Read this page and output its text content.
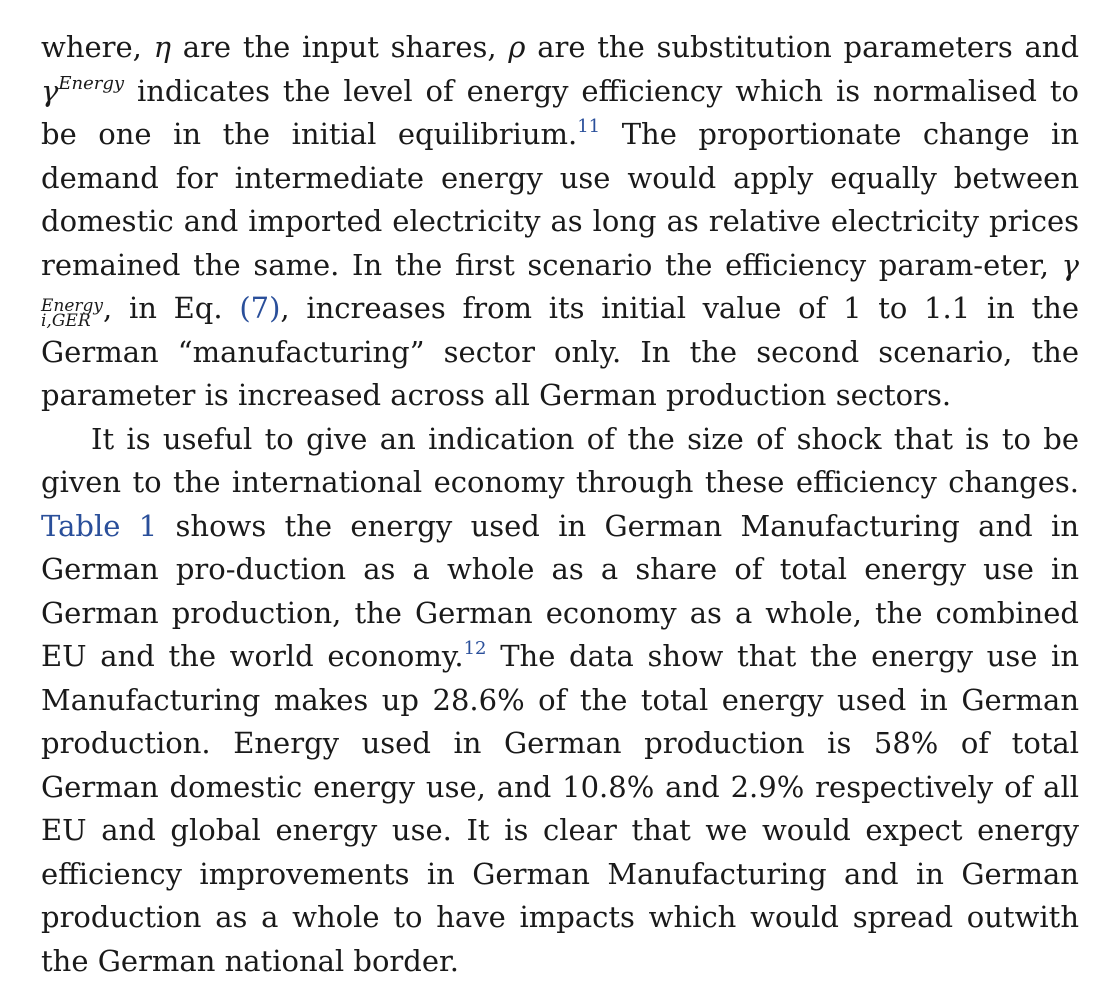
where, η are the input shares, ρ are the substitution parameters and $\gamma^{Energy}$ indicates the level of energy efficiency which is normalised to be one in the initial equilibrium.$^{11}$ The proportionate change in demand for intermediate energy use would apply equally between domestic and imported electricity as long as relative electricity prices remained the same. In the first scenario the efficiency param-eter, γ
Energy
i,GER , in Eq. (7), increases from its initial value of 1 to 1.1 in the German “manufacturing” sector only. In the second scenario, the parameter is increased across all German production sectors.

It is useful to give an indication of the size of shock that is to be given to the international economy through these efficiency changes. Table 1 shows the energy used in German Manufacturing and in German pro-duction as a whole as a share of total energy use in German production, the German economy as a whole, the combined EU and the world economy.$^{12}$ The data show that the energy use in Manufacturing makes up 28.6% of the total energy used in German production. Energy used in German production is 58% of total German domestic energy use, and 10.8% and 2.9% respectively of all EU and global energy use. It is clear that we would expect energy efficiency improvements in German Manufacturing and in German production as a whole to have impacts which would spread outwith the German national border.
